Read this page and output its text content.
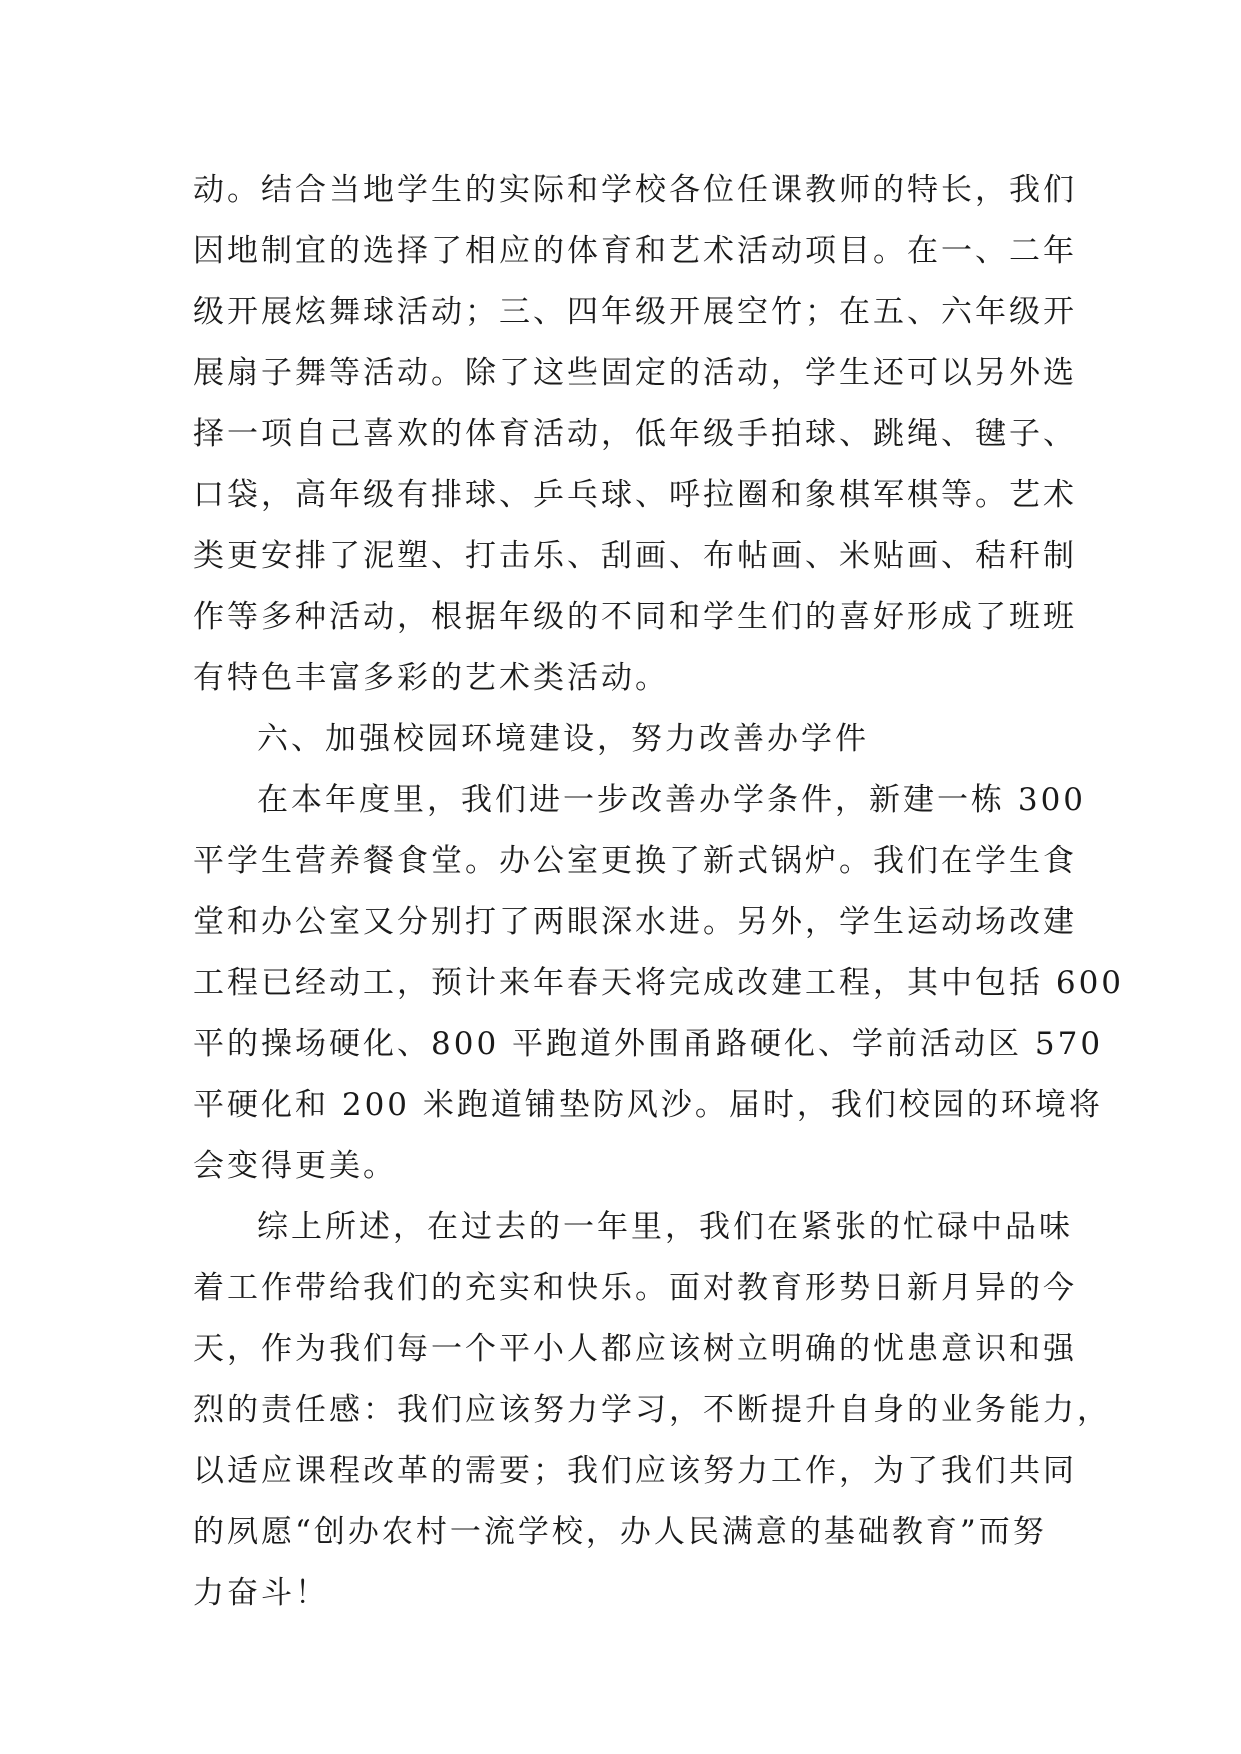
动。结合当地学生的实际和学校各位任课教师的特长，我们
因地制宜的选择了相应的体育和艺术活动项目。在一、二年
级开展炫舞球活动；三、四年级开展空竹；在五、六年级开
展扇子舞等活动。除了这些固定的活动，学生还可以另外选
择一项自己喜欢的体育活动，低年级手拍球、跳绳、毽子、
口袋，高年级有排球、乒乓球、呼拉圈和象棋军棋等。艺术
类更安排了泥塑、打击乐、刮画、布帖画、米贴画、秸秆制
作等多种活动，根据年级的不同和学生们的喜好形成了班班
有特色丰富多彩的艺术类活动。
六、加强校园环境建设，努力改善办学件
在本年度里，我们进一步改善办学条件，新建一栋 300
平学生营养餐食堂。办公室更换了新式锅炉。我们在学生食
堂和办公室又分别打了两眼深水进。另外，学生运动场改建
工程已经动工，预计来年春天将完成改建工程，其中包括 600
平的操场硬化、800 平跑道外围甬路硬化、学前活动区 570
平硬化和 200 米跑道铺垫防风沙。届时，我们校园的环境将
会变得更美。
综上所述，在过去的一年里，我们在紧张的忙碌中品味
着工作带给我们的充实和快乐。面对教育形势日新月异的今
天，作为我们每一个平小人都应该树立明确的忧患意识和强
烈的责任感：我们应该努力学习，不断提升自身的业务能力，
以适应课程改革的需要；我们应该努力工作，为了我们共同
的夙愿“创办农村一流学校，办人民满意的基础教育”而努
力奋斗！
